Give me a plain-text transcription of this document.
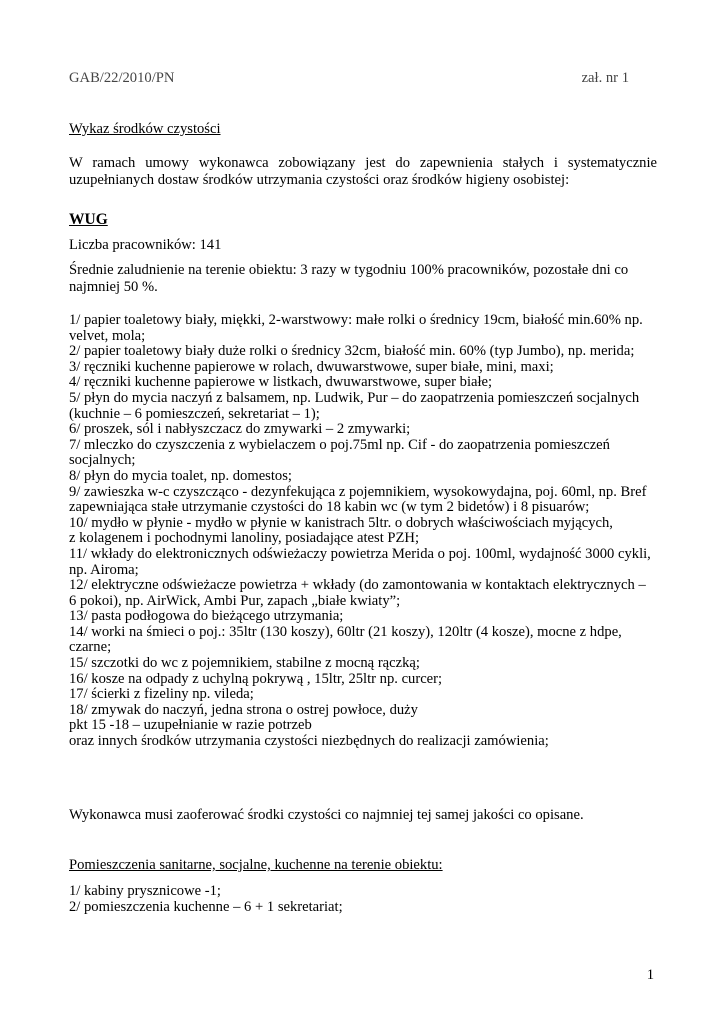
GAB/22/2010/PN	zał. nr 1
Wykaz środków czystości
W ramach umowy wykonawca zobowiązany jest do zapewnienia stałych i systematycznie uzupełnianych dostaw środków utrzymania czystości oraz środków higieny osobistej:
WUG
Liczba pracowników: 141
Średnie zaludnienie na terenie obiektu: 3 razy w tygodniu 100% pracowników, pozostałe dni co
najmniej 50 %.
1/ papier toaletowy biały, miękki, 2-warstwowy: małe rolki o średnicy 19cm, białość min.60% np.
velvet, mola;
2/ papier toaletowy biały duże rolki o średnicy 32cm, białość min. 60% (typ Jumbo), np. merida;
3/ ręczniki kuchenne papierowe w rolach, dwuwarstwowe, super białe, mini, maxi;
4/ ręczniki kuchenne papierowe w listkach, dwuwarstwowe, super białe;
5/ płyn do mycia naczyń z balsamem, np. Ludwik, Pur – do zaopatrzenia pomieszczeń socjalnych
(kuchnie – 6 pomieszczeń, sekretariat – 1);
6/ proszek, sól i nabłyszczacz do zmywarki – 2 zmywarki;
7/ mleczko do czyszczenia z wybielaczem o poj.75ml np. Cif - do zaopatrzenia pomieszczeń
socjalnych;
8/ płyn do mycia toalet, np. domestos;
9/ zawieszka w-c czyszcząco - dezynfekująca z pojemnikiem, wysokowydajna, poj. 60ml, np. Bref
zapewniająca stałe utrzymanie czystości do 18 kabin wc (w tym 2 bidetów) i 8 pisuarów;
10/ mydło w płynie - mydło w płynie w kanistrach 5ltr. o dobrych właściwościach myjących,
z kolagenem i pochodnymi lanoliny, posiadające atest PZH;
11/ wkłady do elektronicznych odświeżaczy powietrza Merida o poj. 100ml, wydajność 3000 cykli,
np. Airoma;
12/ elektryczne odświeżacze powietrza + wkłady (do zamontowania w kontaktach elektrycznych –
6 pokoi), np. AirWick, Ambi Pur, zapach „białe kwiaty”;
13/ pasta podłogowa do bieżącego utrzymania;
14/ worki na śmieci o poj.: 35ltr (130 koszy), 60ltr (21 koszy), 120ltr (4 kosze), mocne z hdpe,
czarne;
15/ szczotki do wc z pojemnikiem, stabilne z mocną rączką;
16/ kosze na odpady z uchylną pokrywą , 15ltr, 25ltr np. curcer;
17/ ścierki z fizeliny np. vileda;
18/ zmywak do naczyń, jedna strona o ostrej powłoce, duży
pkt 15 -18 – uzupełnianie w razie potrzeb
oraz innych środków utrzymania czystości niezbędnych do realizacji zamówienia;
Wykonawca musi zaoferować środki czystości co najmniej tej samej jakości co opisane.
Pomieszczenia sanitarne, socjalne, kuchenne na terenie obiektu:
1/ kabiny prysznicowe -1;
2/ pomieszczenia kuchenne – 6 + 1 sekretariat;
1
